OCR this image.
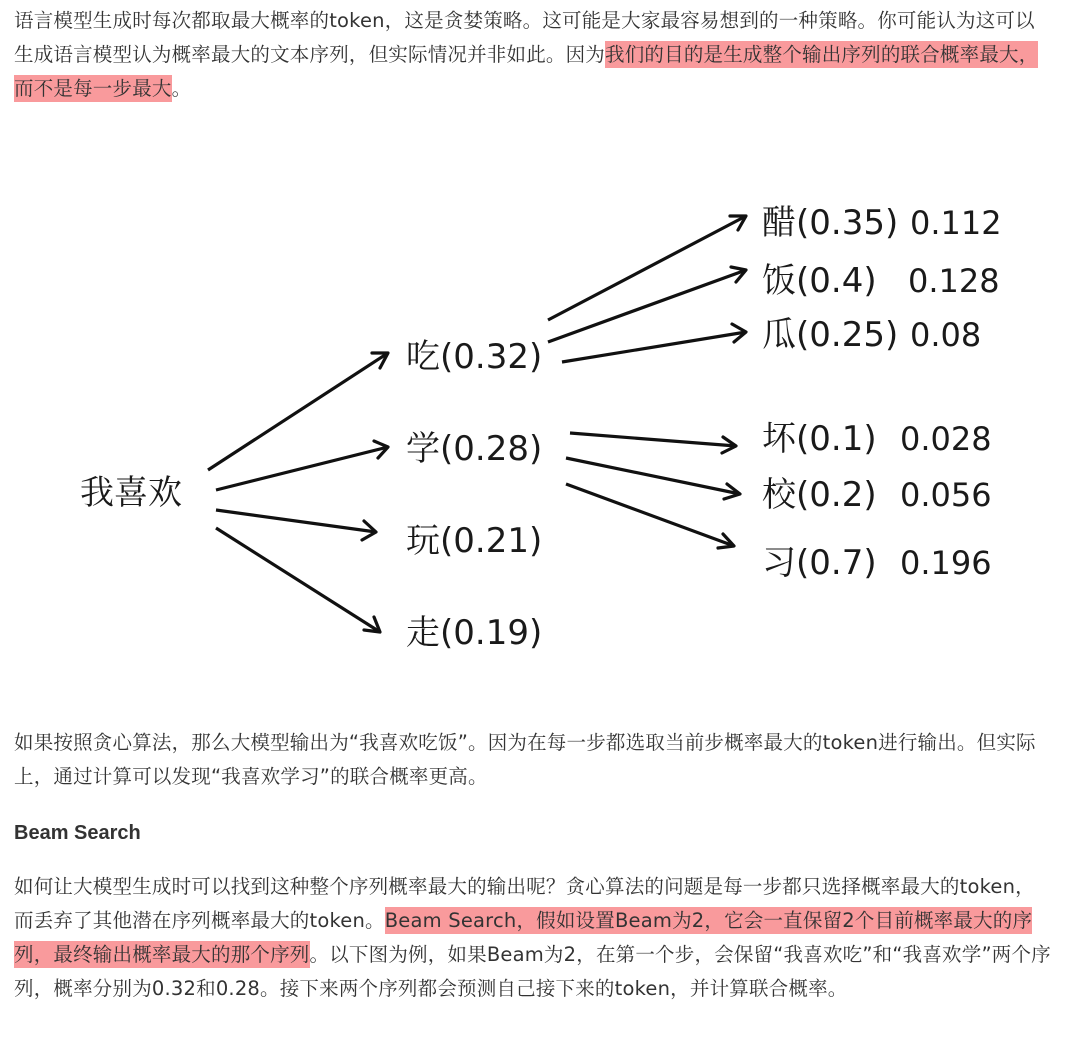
语言模型生成时每次都取最大概率的token，这是贪婪策略。这可能是大家最容易想到的一种策略。你可能认为这可以生成语言模型认为概率最大的文本序列，但实际情况并非如此。因为我们的目的是生成整个输出序列的联合概率最大，而不是每一步最大。

我喜欢
吃(0.32)
学(0.28)
玩(0.21)
走(0.19)
醋(0.35) 0.112
饭(0.4) 0.128
瓜(0.25) 0.08
坏(0.1) 0.028
校(0.2) 0.056
习(0.7) 0.196

如果按照贪心算法，那么大模型输出为“我喜欢吃饭”。因为在每一步都选取当前步概率最大的token进行输出。但实际上，通过计算可以发现“我喜欢学习”的联合概率更高。

Beam Search

如何让大模型生成时可以找到这种整个序列概率最大的输出呢？贪心算法的问题是每一步都只选择概率最大的token，而丢弃了其他潜在序列概率最大的token。Beam Search，假如设置Beam为2，它会一直保留2个目前概率最大的序列，最终输出概率最大的那个序列。以下图为例，如果Beam为2，在第一个步，会保留“我喜欢吃”和“我喜欢学”两个序列，概率分别为0.32和0.28。接下来两个序列都会预测自己接下来的token，并计算联合概率。
